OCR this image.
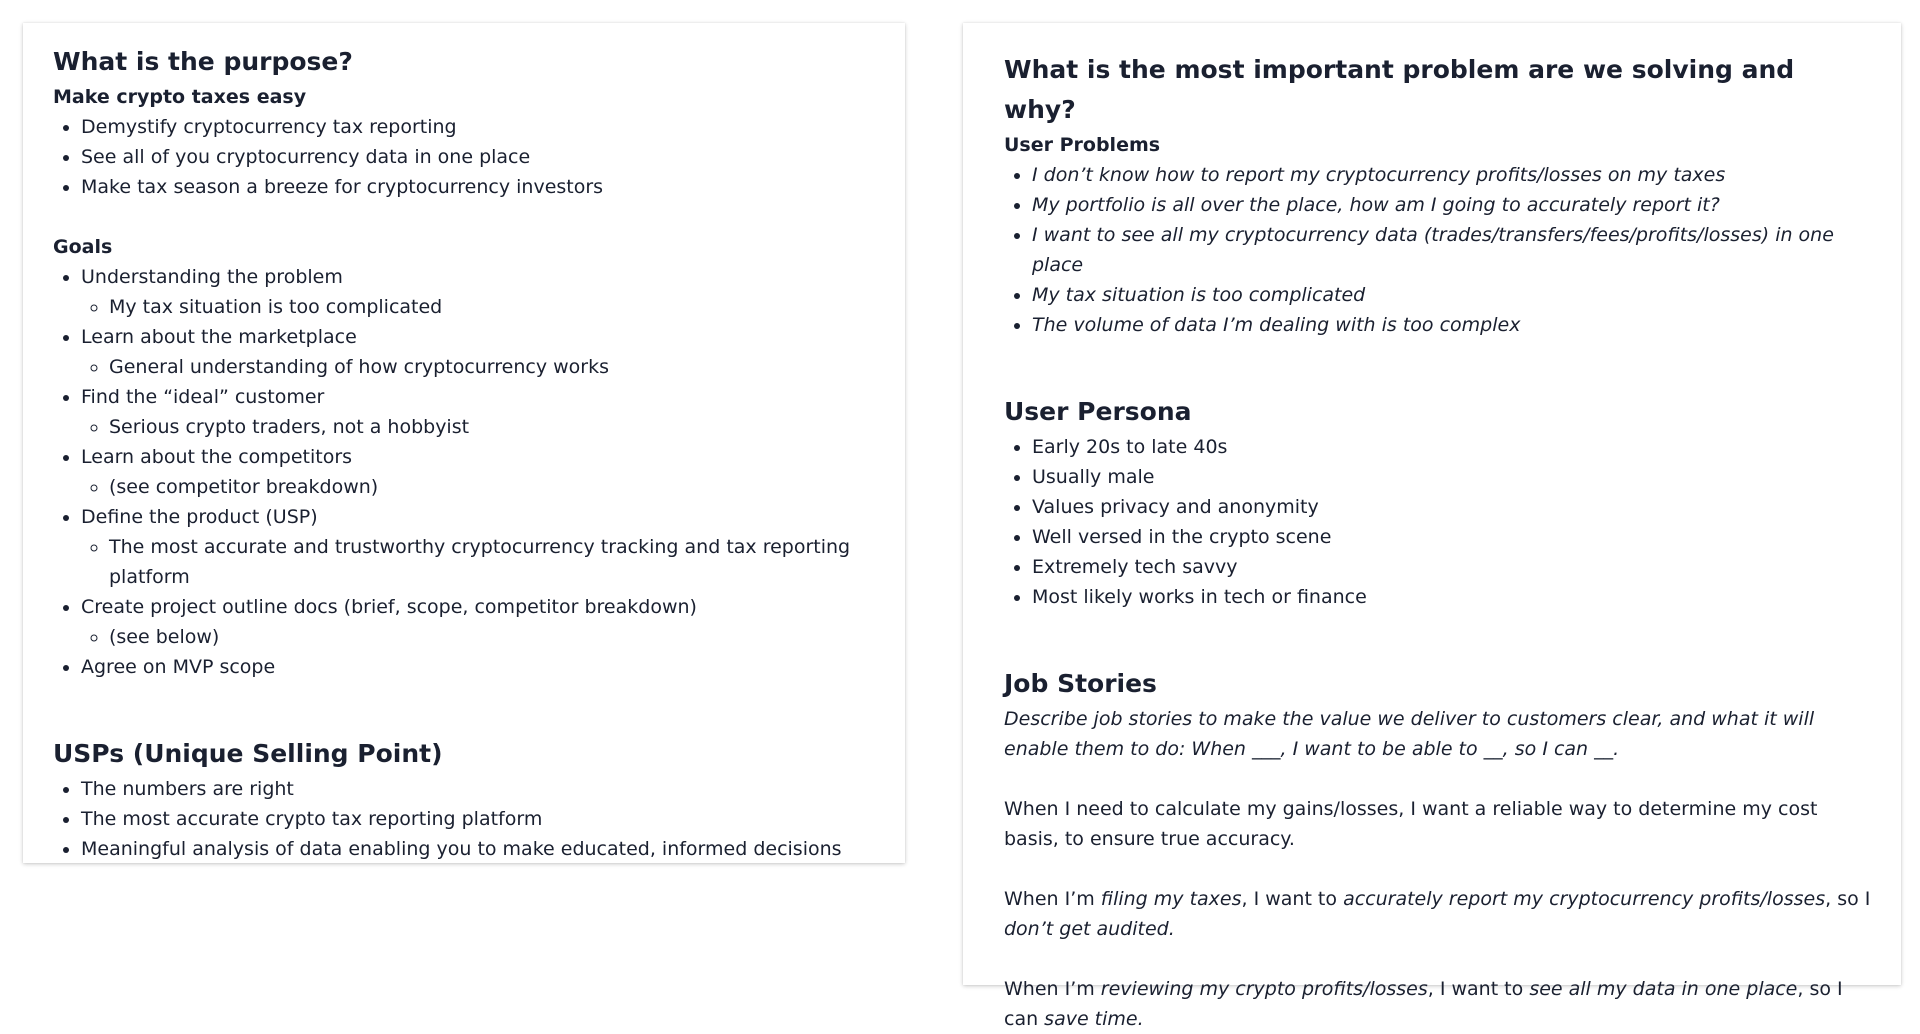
What is the purpose?
Make crypto taxes easy
• Demystify cryptocurrency tax reporting
• See all of you cryptocurrency data in one place
• Make tax season a breeze for cryptocurrency investors
Goals
• Understanding the problem
◦ My tax situation is too complicated
• Learn about the marketplace
◦ General understanding of how cryptocurrency works
• Find the “ideal” customer
◦ Serious crypto traders, not a hobbyist
• Learn about the competitors
◦ (see competitor breakdown)
• Define the product (USP)
◦ The most accurate and trustworthy cryptocurrency tracking and tax reporting platform
• Create project outline docs (brief, scope, competitor breakdown)
◦ (see below)
• Agree on MVP scope
USPs (Unique Selling Point)
• The numbers are right
• The most accurate crypto tax reporting platform
• Meaningful analysis of data enabling you to make educated, informed decisions
What is the most important problem are we solving and why?
User Problems
• I don’t know how to report my cryptocurrency profits/losses on my taxes
• My portfolio is all over the place, how am I going to accurately report it?
• I want to see all my cryptocurrency data (trades/transfers/fees/profits/losses) in one place
• My tax situation is too complicated
• The volume of data I’m dealing with is too complex
User Persona
• Early 20s to late 40s
• Usually male
• Values privacy and anonymity
• Well versed in the crypto scene
• Extremely tech savvy
• Most likely works in tech or finance
Job Stories

Describe job stories to make the value we deliver to customers clear, and what it will enable them to do: When ___, I want to be able to __, so I can __.

When I need to calculate my gains/losses, I want a reliable way to determine my cost basis, to ensure true accuracy.

When I’m filing my taxes, I want to accurately report my cryptocurrency profits/losses, so I don’t get audited.

When I’m reviewing my crypto profits/losses, I want to see all my data in one place, so I can save time.
